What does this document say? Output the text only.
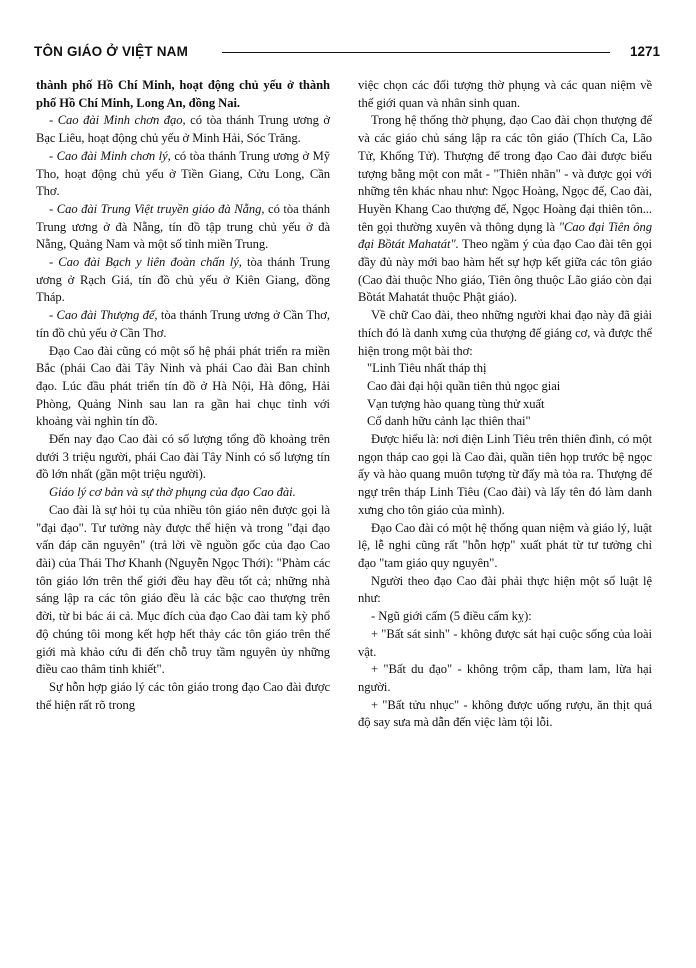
TÔN GIÁO Ở VIỆT NAM	1271

thành phố Hồ Chí Minh, hoạt động chủ yếu ở thành phố Hồ Chí Minh, Long An, đồng Nai.

- Cao đài Minh chơn đạo, có tòa thánh Trung ương ở Bạc Liêu, hoạt động chủ yếu ở Minh Hải, Sóc Trăng.

- Cao đài Minh chơn lý, có tòa thánh Trung ương ở Mỹ Tho, hoạt động chủ yếu ở Tiền Giang, Cửu Long, Cần Thơ.

- Cao đài Trung Việt truyền giáo đà Nẵng, có tòa thánh Trung ương ở đà Nẵng, tín đồ tập trung chủ yếu ở đà Nẵng, Quảng Nam và một số tỉnh miền Trung.

- Cao đài Bạch y liên đoàn chấn lý, tòa thánh Trung ương ở Rạch Giá, tín đồ chủ yếu ở Kiên Giang, đồng Tháp.

- Cao đài Thượng đế, tòa thánh Trung ương ở Cần Thơ, tín đồ chủ yếu ở Cần Thơ.

Đạo Cao đài cũng có một số hệ phái phát triển ra miền Bắc (phái Cao đài Tây Ninh và phái Cao đài Ban chỉnh đạo. Lúc đầu phát triển tín đồ ở Hà Nội, Hà đông, Hải Phòng, Quảng Ninh sau lan ra gần hai chục tỉnh với khoảng vài nghìn tín đồ.

Đến nay đạo Cao đài có số lượng tổng đồ khoảng trên dưới 3 triệu người, phái Cao đài Tây Ninh có số lượng tín đồ lớn nhất (gần một triệu người).

Giáo lý cơ bản và sự thờ phụng của đạo Cao đài.

Cao đài là sự hỏi tụ của nhiều tôn giáo nên được gọi là "đại đạo". Tư tưởng này được thể hiện và trong "đại đạo vấn đáp căn nguyên" (trả lời về nguồn gốc của đạo Cao đài) của Thái Thơ Khanh (Nguyễn Ngọc Thới): "Phàm các tôn giáo lớn trên thế giới đều hay đều tốt cả; những nhà sáng lập ra các tôn giáo đều là các bậc cao thượng trên đời, từ bi bác ái cả. Mục đích của đạo Cao đài tam kỳ phổ độ chúng tôi mong kết hợp hết thảy các tôn giáo trên thế giới mà khảo cứu đi đến chỗ truy tầm nguyên ủy những điều cao thâm tinh khiết".

Sự hỗn hợp giáo lý các tôn giáo trong đạo Cao đài được thể hiện rất rõ trong

việc chọn các đối tượng thờ phụng và các quan niệm về thế giới quan và nhân sinh quan.

Trong hệ thống thờ phụng, đạo Cao đài chọn thượng đế và các giáo chủ sáng lập ra các tôn giáo (Thích Ca, Lão Tử, Khổng Tử). Thượng đế trong đạo Cao đài được biểu tượng bằng một con mắt - "Thiên nhãn" - và được gọi với những tên khác nhau như: Ngọc Hoàng, Ngọc đế, Cao đài, Huyền Khang Cao thượng đế, Ngọc Hoàng đại thiên tôn... tên gọi thường xuyên và thông dụng là "Cao đại Tiên ông đại Bồtát Mahatát". Theo ngầm ý của đạo Cao đài tên gọi đầy đủ này mới bao hàm hết sự hợp kết giữa các tôn giáo (Cao đài thuộc Nho giáo, Tiên ông thuộc Lão giáo còn đại Bồtát Mahatát thuộc Phật giáo).

Về chữ Cao đài, theo những người khai đạo này đã giải thích đó là danh xưng của thượng đế giáng cơ, và được thể hiện trong một bài thơ:

"Linh Tiêu nhất tháp thị

Cao đài đại hội quần tiên thủ ngọc giai

Vạn tượng hào quang tùng thử xuất

Cổ danh hữu cảnh lạc thiên thai"

Được hiểu là: nơi điện Linh Tiêu trên thiên đình, có một ngọn tháp cao gọi là Cao đài, quần tiên họp trước bệ ngọc ấy và hào quang muôn tượng từ đấy mà tỏa ra. Thượng đế ngự trên tháp Linh Tiêu (Cao đài) và lấy tên đó làm danh xưng cho tôn giáo của mình).

Đạo Cao đài có một hệ thống quan niệm và giáo lý, luật lệ, lễ nghi cũng rất "hỗn hợp" xuất phát từ tư tưởng chỉ đạo "tam giáo quy nguyên".

Người theo đạo Cao đài phải thực hiện một số luật lệ như:

- Ngũ giới cấm (5 điều cấm kỵ):

+ "Bất sát sinh" - không được sát hại cuộc sống của loài vật.

+ "Bất du đạo" - không trộm cắp, tham lam, lừa hại người.

+ "Bất tửu nhục" - không được uống rượu, ăn thịt quá độ say sưa mà dẫn đến việc làm tội lỗi.
